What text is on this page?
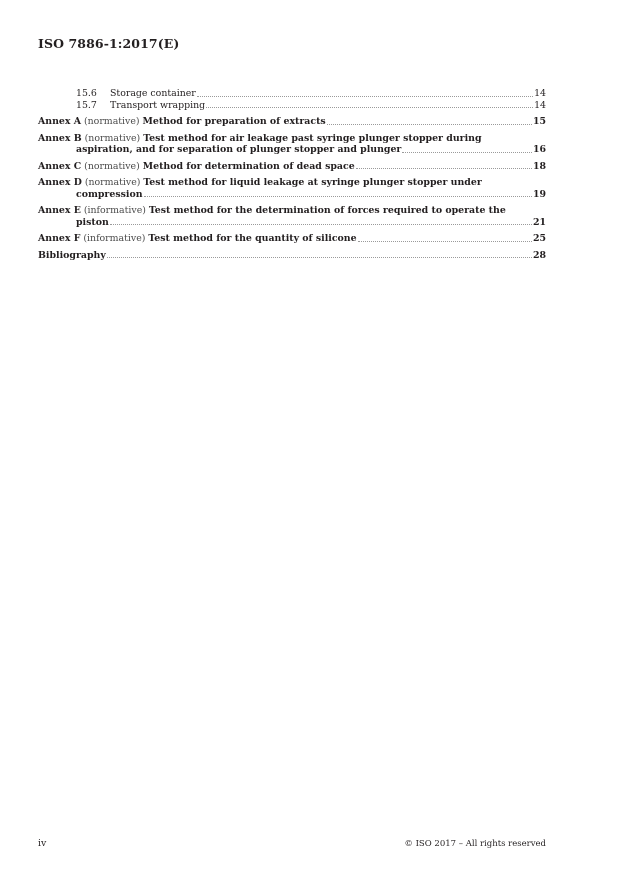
ISO 7886-1:2017(E)
15.6	Storage container	14
15.7	Transport wrapping	14
Annex A (normative) Method for preparation of extracts	15
Annex B (normative) Test method for air leakage past syringe plunger stopper during
aspiration, and for separation of plunger stopper and plunger	16
Annex C (normative) Method for determination of dead space	18
Annex D (normative) Test method for liquid leakage at syringe plunger stopper under
compression	19
Annex E (informative) Test method for the determination of forces required to operate the
piston	21
Annex F (informative) Test method for the quantity of silicone	25
Bibliography	28
iv	© ISO 2017 – All rights reserved
